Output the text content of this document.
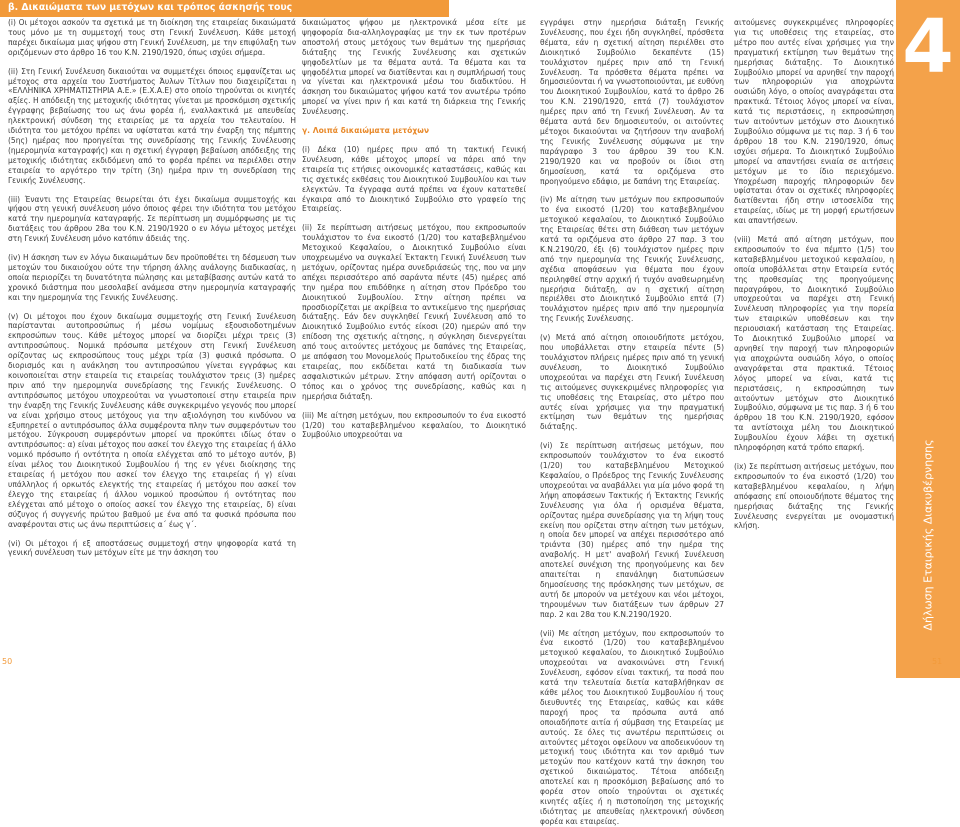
β. Δικαιώματα των μετόχων και τρόπος άσκησής τους	4
Δήλωση Εταιρικής Διακυβέρνησης

(i) Οι μέτοχοι ασκούν τα σχετικά με τη διοίκηση της εταιρείας δικαιώματά τους μόνο με τη συμμετοχή τους στη Γενική Συνέλευση. Κάθε μετοχή παρέχει δικαίωμα μιας ψήφου στη Γενική Συνέλευση, με την επιφύλαξη των οριζόμενων στο άρθρο 16 του Κ.Ν. 2190/1920, όπως ισχύει σήμερα.

(ii) Στη Γενική Συνέλευση δικαιούται να συμμετέχει όποιος εμφανίζεται ως μέτοχος στα αρχεία του Συστήματος Άυλων Τίτλων που διαχειρίζεται η «ΕΛΛΗΝΙΚΑ ΧΡΗΜΑΤΙΣΤΗΡΙΑ Α.Ε.» (Ε.Χ.Α.Ε) στο οποίο τηρούνται οι κινητές αξίες. Η απόδειξη της μετοχικής ιδιότητας γίνεται με προσκόμιση σχετικής έγγραφης βεβαίωσης του ως άνω φορέα ή, εναλλακτικά με απευθείας ηλεκτρονική σύνδεση της εταιρείας με τα αρχεία του τελευταίου. Η ιδιότητα του μετόχου πρέπει να υφίσταται κατά την έναρξη της πέμπτης (5ης) ημέρας που προηγείται της συνεδρίασης της Γενικής Συνέλευσης (ημερομηνία καταγραφής) και η σχετική έγγραφη βεβαίωση απόδειξης της μετοχικής ιδιότητας εκδιδόμενη από το φορέα πρέπει να περιέλθει στην εταιρεία το αργότερο την τρίτη (3η) ημέρα πριν τη συνεδρίαση της Γενικής Συνέλευσης.

(iii) Έναντι της Εταιρείας θεωρείται ότι έχει δικαίωμα συμμετοχής και ψήφου στη γενική συνέλευση μόνο όποιος φέρει την ιδιότητα του μετόχου κατά την ημερομηνία καταγραφής. Σε περίπτωση μη συμμόρφωσης με τις διατάξεις του άρθρου 28α του Κ.Ν. 2190/1920 ο εν λόγω μέτοχος μετέχει στη Γενική Συνέλευση μόνο κατόπιν άδειάς της.

(iv) Η άσκηση των εν λόγω δικαιωμάτων δεν προϋποθέτει τη δέσμευση των μετοχών του δικαιούχου ούτε την τήρηση άλλης ανάλογης διαδικασίας, η οποία περιορίζει τη δυνατότητα πώλησης και μεταβίβασης αυτών κατά το χρονικό διάστημα που μεσολαβεί ανάμεσα στην ημερομηνία καταγραφής και την ημερομηνία της Γενικής Συνέλευσης.

(v) Οι μέτοχοι που έχουν δικαίωμα συμμετοχής στη Γενική Συνέλευση παρίστανται αυτοπροσώπως ή μέσω νομίμως εξουσιοδοτημένων εκπροσώπων τους. Κάθε μέτοχος μπορεί να διορίζει μέχρι τρεις (3) αντιπροσώπους. Νομικά πρόσωπα μετέχουν στη Γενική Συνέλευση ορίζοντας ως εκπροσώπους τους μέχρι τρία (3) φυσικά πρόσωπα. Ο διορισμός και η ανάκληση του αντιπροσώπου γίνεται εγγράφως και κοινοποιείται στην εταιρεία τις εταιρείας τουλάχιστον τρεις (3) ημέρες πριν από την ημερομηνία συνεδρίασης της Γενικής Συνέλευσης. Ο αντιπρόσωπος μετόχου υποχρεούται να γνωστοποιεί στην εταιρεία πριν την έναρξη της Γενικής Συνέλευσης κάθε συγκεκριμένο γεγονός που μπορεί να είναι χρήσιμο στους μετόχους για την αξιολόγηση του κινδύνου να εξυπηρετεί ο αντιπρόσωπος άλλα συμφέροντα πλην των συμφερόντων του μετόχου. Σύγκρουση συμφερόντων μπορεί να προκύπτει ιδίως όταν ο αντιπρόσωπος: α) είναι μέτοχος που ασκεί τον έλεγχο της εταιρείας ή άλλο νομικό πρόσωπο ή οντότητα η οποία ελέγχεται από το μέτοχο αυτόν, β) είναι μέλος του Διοικητικού Συμβουλίου ή της εν γένει διοίκησης της εταιρείας ή μετόχου που ασκεί τον έλεγχο της εταιρείας ή γ) είναι υπάλληλος ή ορκωτός ελεγκτής της εταιρείας ή μετόχου που ασκεί τον έλεγχο της εταιρείας ή άλλου νομικού προσώπου ή οντότητας που ελέγχεται από μέτοχο ο οποίος ασκεί τον έλεγχο της εταιρείας, δ) είναι σύζυγος ή συγγενής πρώτου βαθμού με ένα από τα φυσικά πρόσωπα που αναφέρονται στις ως άνω περιπτώσεις α΄ έως γ΄.

(vi) Οι μέτοχοι ή εξ αποστάσεως συμμετοχή στην ψηφοφορία κατά τη γενική συνέλευση των μετόχων είτε με την άσκηση του

δικαιώματος ψήφου με ηλεκτρονικά μέσα είτε με ψηφοφορία δια-αλληλογραφίας με την εκ των προτέρων αποστολή στους μετόχους των θεμάτων της ημερήσιας διάταξης της Γενικής Συνέλευσης και σχετικών ψηφοδελτίων με τα θέματα αυτά. Τα θέματα και τα ψηφοδέλτια μπορεί να διατίθενται και η συμπλήρωσή τους να γίνεται και ηλεκτρονικά μέσω του διαδικτύου. Η άσκηση του δικαιώματος ψήφου κατά τον ανωτέρω τρόπο μπορεί να γίνει πριν ή και κατά τη διάρκεια της Γενικής Συνέλευσης.

γ. Λοιπά δικαιώματα μετόχων

(i) Δέκα (10) ημέρες πριν από τη τακτική Γενική Συνέλευση, κάθε μέτοχος μπορεί να πάρει από την εταιρεία τις ετήσιες οικονομικές καταστάσεις, καθώς και τις σχετικές εκθέσεις του Διοικητικού Συμβουλίου και των ελεγκτών. Τα έγγραφα αυτά πρέπει να έχουν κατατεθεί έγκαιρα από το Διοικητικό Συμβούλιο στο γραφείο της Εταιρείας.

(ii) Σε περίπτωση αιτήσεως μετόχου, που εκπροσωπούν τουλάχιστον το ένα εικοστό (1/20) του καταβεβλημένου Μετοχικού Κεφαλαίου, ο Διοικητικό Συμβούλιο είναι υποχρεωμένο να συγκαλεί Έκτακτη Γενική Συνέλευση των μετόχων, ορίζοντας ημέρα συνεδριάσεώς της, που να μην απέχει περισσότερο από σαράντα πέντε (45) ημέρες από την ημέρα που επιδόθηκε η αίτηση στον Πρόεδρο του Διοικητικού Συμβουλίου. Στην αίτηση πρέπει να προσδιορίζεται με ακρίβεια το αντικείμενο της ημερήσιας διάταξης. Εάν δεν συγκληθεί Γενική Συνέλευση από το Διοικητικό Συμβούλιο εντός είκοσι (20) ημερών από την επίδοση της σχετικής αίτησης, η σύγκληση διενεργείται από τους αιτούντες μετόχους με δαπάνες της Εταιρείας, με απόφαση του Μονομελούς Πρωτοδικείου της έδρας της εταιρείας, που εκδίδεται κατά τη διαδικασία των ασφαλιστικών μέτρων. Στην απόφαση αυτή ορίζονται ο τόπος και ο χρόνος της συνεδρίασης, καθώς και η ημερήσια διάταξη.

(iii) Με αίτηση μετόχων, που εκπροσωπούν το ένα εικοστό (1/20) του καταβεβλημένου κεφαλαίου, το Διοικητικό Συμβούλιο υποχρεούται να

εγγράψει στην ημερήσια διάταξη Γενικής Συνέλευσης, που έχει ήδη συγκληθεί, πρόσθετα θέματα, εάν η σχετική αίτηση περιέλθει στο Διοικητικό Συμβούλιο δεκαπέντε (15) τουλάχιστον ημέρες πριν από τη Γενική Συνέλευση. Τα πρόσθετα θέματα πρέπει να δημοσιεύονται ή να γνωστοποιούνται, με ευθύνη του Διοικητικού Συμβουλίου, κατά το άρθρο 26 του Κ.Ν. 2190/1920, επτά (7) τουλάχιστον ημέρες πριν από τη Γενική Συνέλευση. Αν τα θέματα αυτά δεν δημοσιευτούν, οι αιτούντες μέτοχοι δικαιούνται να ζητήσουν την αναβολή της Γενικής Συνέλευσης σύμφωνα με την παράγραφο 3 του άρθρου 39 του Κ.Ν. 2190/1920 και να προβούν οι ίδιοι στη δημοσίευση, κατά τα οριζόμενα στο προηγούμενο εδάφιο, με δαπάνη της Εταιρείας.

(iv) Με αίτηση των μετόχων που εκπροσωπούν το ένα εικοστό (1/20) του καταβεβλημένου μετοχικού κεφαλαίου, το Διοικητικό Συμβούλιο της Εταιρείας θέτει στη διάθεση των μετόχων κατά τα οριζόμενα στο άρθρο 27 παρ. 3 του Κ.Ν.2190/20, έξι (6) τουλάχιστον ημέρες πριν από την ημερομηνία της Γενικής Συνέλευσης, σχέδια αποφάσεων για θέματα που έχουν περιληφθεί στην αρχική ή τυχόν αναθεωρημένη ημερήσια διάταξη, αν η σχετική αίτηση περιέλθει στο Διοικητικό Συμβούλιο επτά (7) τουλάχιστον ημέρες πριν από την ημερομηνία της Γενικής Συνέλευσης.

(v) Μετά από αίτηση οποιουδήποτε μετόχου, που υποβάλλεται στην εταιρεία πέντε (5) τουλάχιστον πλήρεις ημέρες πριν από τη γενική συνέλευση, το Διοικητικό Συμβούλιο υποχρεούται να παρέχει στη Γενική Συνέλευση τις αιτούμενες συγκεκριμένες πληροφορίες για τις υποθέσεις της Εταιρείας, στο μέτρο που αυτές είναι χρήσιμες για την πραγματική εκτίμηση των θεμάτων της ημερήσιας διάταξης.

(vi) Σε περίπτωση αιτήσεως μετόχων, που εκπροσωπούν τουλάχιστον το ένα εικοστό (1/20) του καταβεβλημένου Μετοχικού Κεφαλαίου, ο Πρόεδρος της Γενικής Συνέλευσης υποχρεούται να αναβάλλει για μία μόνο φορά τη λήψη αποφάσεων Τακτικής ή Έκτακτης Γενικής Συνέλευσης για όλα ή ορισμένα θέματα, ορίζοντας ημέρα συνεδρίασης για τη λήψη τους εκείνη που ορίζεται στην αίτηση των μετόχων, η οποία δεν μπορεί να απέχει περισσότερο από τριάντα (30) ημέρες από την ημέρα της αναβολής. Η μετ' αναβολή Γενική Συνέλευση αποτελεί συνέχιση της προηγούμενης και δεν απαιτείται η επανάληψη διατυπώσεων δημοσίευσης της πρόσκλησης των μετόχων, σε αυτή δε μπορούν να μετέχουν και νέοι μέτοχοι, τηρουμένων των διατάξεων των άρθρων 27 παρ. 2 και 28α του Κ.Ν.2190/1920.

(vii) Με αίτηση μετόχων, που εκπροσωπούν το ένα εικοστό (1/20) του καταβεβλημένου μετοχικού κεφαλαίου, το Διοικητικό Συμβούλιο υποχρεούται να ανακοινώνει στη Γενική Συνέλευση, εφόσον είναι τακτική, τα ποσά που κατά την τελευταία διετία καταβλήθηκαν σε κάθε μέλος του Διοικητικού Συμβουλίου ή τους διευθυντές της Εταιρείας, καθώς και κάθε παροχή προς τα πρόσωπα αυτά από οποιαδήποτε αιτία ή σύμβαση της Εταιρείας με αυτούς. Σε όλες τις ανωτέρω περιπτώσεις οι αιτούντες μέτοχοι οφείλουν να αποδεικνύουν τη μετοχική τους ιδιότητα και τον αριθμό των μετοχών που κατέχουν κατά την άσκηση του σχετικού δικαιώματος. Τέτοια απόδειξη αποτελεί και η προσκόμιση βεβαίωσης από το φορέα στον οποίο τηρούνται οι σχετικές κινητές αξίες ή η πιστοποίηση της μετοχικής ιδιότητας με απευθείας ηλεκτρονική σύνδεση φορέα και εταιρείας.

αιτούμενες συγκεκριμένες πληροφορίες για τις υποθέσεις της εταιρείας, στο μέτρο που αυτές είναι χρήσιμες για την πραγματική εκτίμηση των θεμάτων της ημερήσιας διάταξης. Το Διοικητικό Συμβούλιο μπορεί να αρνηθεί την παροχή των πληροφοριών για αποχρώντα ουσιώδη λόγο, ο οποίος αναγράφεται στα πρακτικά. Τέτοιος λόγος μπορεί να είναι, κατά τις περιστάσεις, η εκπροσώπηση των αιτούντων μετόχων στο Διοικητικό Συμβούλιο σύμφωνα με τις παρ. 3 ή 6 του άρθρου 18 του Κ.Ν. 2190/1920, όπως ισχύει σήμερα. Το Διοικητικό Συμβούλιο μπορεί να απαντήσει ενιαία σε αιτήσεις μετόχων με το ίδιο περιεχόμενο. Υποχρέωση παροχής πληροφοριών δεν υφίσταται όταν οι σχετικές πληροφορίες διατίθενται ήδη στην ιστοσελίδα της εταιρείας, ιδίως με τη μορφή ερωτήσεων και απαντήσεων.

(viii) Μετά από αίτηση μετόχων, που εκπροσωπούν το ένα πέμπτο (1/5) του καταβεβλημένου μετοχικού κεφαλαίου, η οποία υποβάλλεται στην Εταιρεία εντός της προθεσμίας της προηγούμενης παραγράφου, το Διοικητικό Συμβούλιο υποχρεούται να παρέχει στη Γενική Συνέλευση πληροφορίες για την πορεία των εταιρικών υποθέσεων και την περιουσιακή κατάσταση της Εταιρείας. Το Διοικητικό Συμβούλιο μπορεί να αρνηθεί την παροχή των πληροφοριών για αποχρώντα ουσιώδη λόγο, ο οποίος αναγράφεται στα πρακτικά. Τέτοιος λόγος μπορεί να είναι, κατά τις περιστάσεις, η εκπροσώπηση των αιτούντων μετόχων στο Διοικητικό Συμβούλιο, σύμφωνα με τις παρ. 3 ή 6 του άρθρου 18 του Κ.Ν. 2190/1920, εφόσον τα αντίστοιχα μέλη του Διοικητικού Συμβουλίου έχουν λάβει τη σχετική πληροφόρηση κατά τρόπο επαρκή.

(ix) Σε περίπτωση αιτήσεως μετόχων, που εκπροσωπούν το ένα εικοστό (1/20) του καταβεβλημένου κεφαλαίου, η λήψη απόφασης επί οποιουδήποτε θέματος της ημερήσιας διάταξης της Γενικής Συνέλευσης ενεργείται με ονομαστική κλήση.

50	51
